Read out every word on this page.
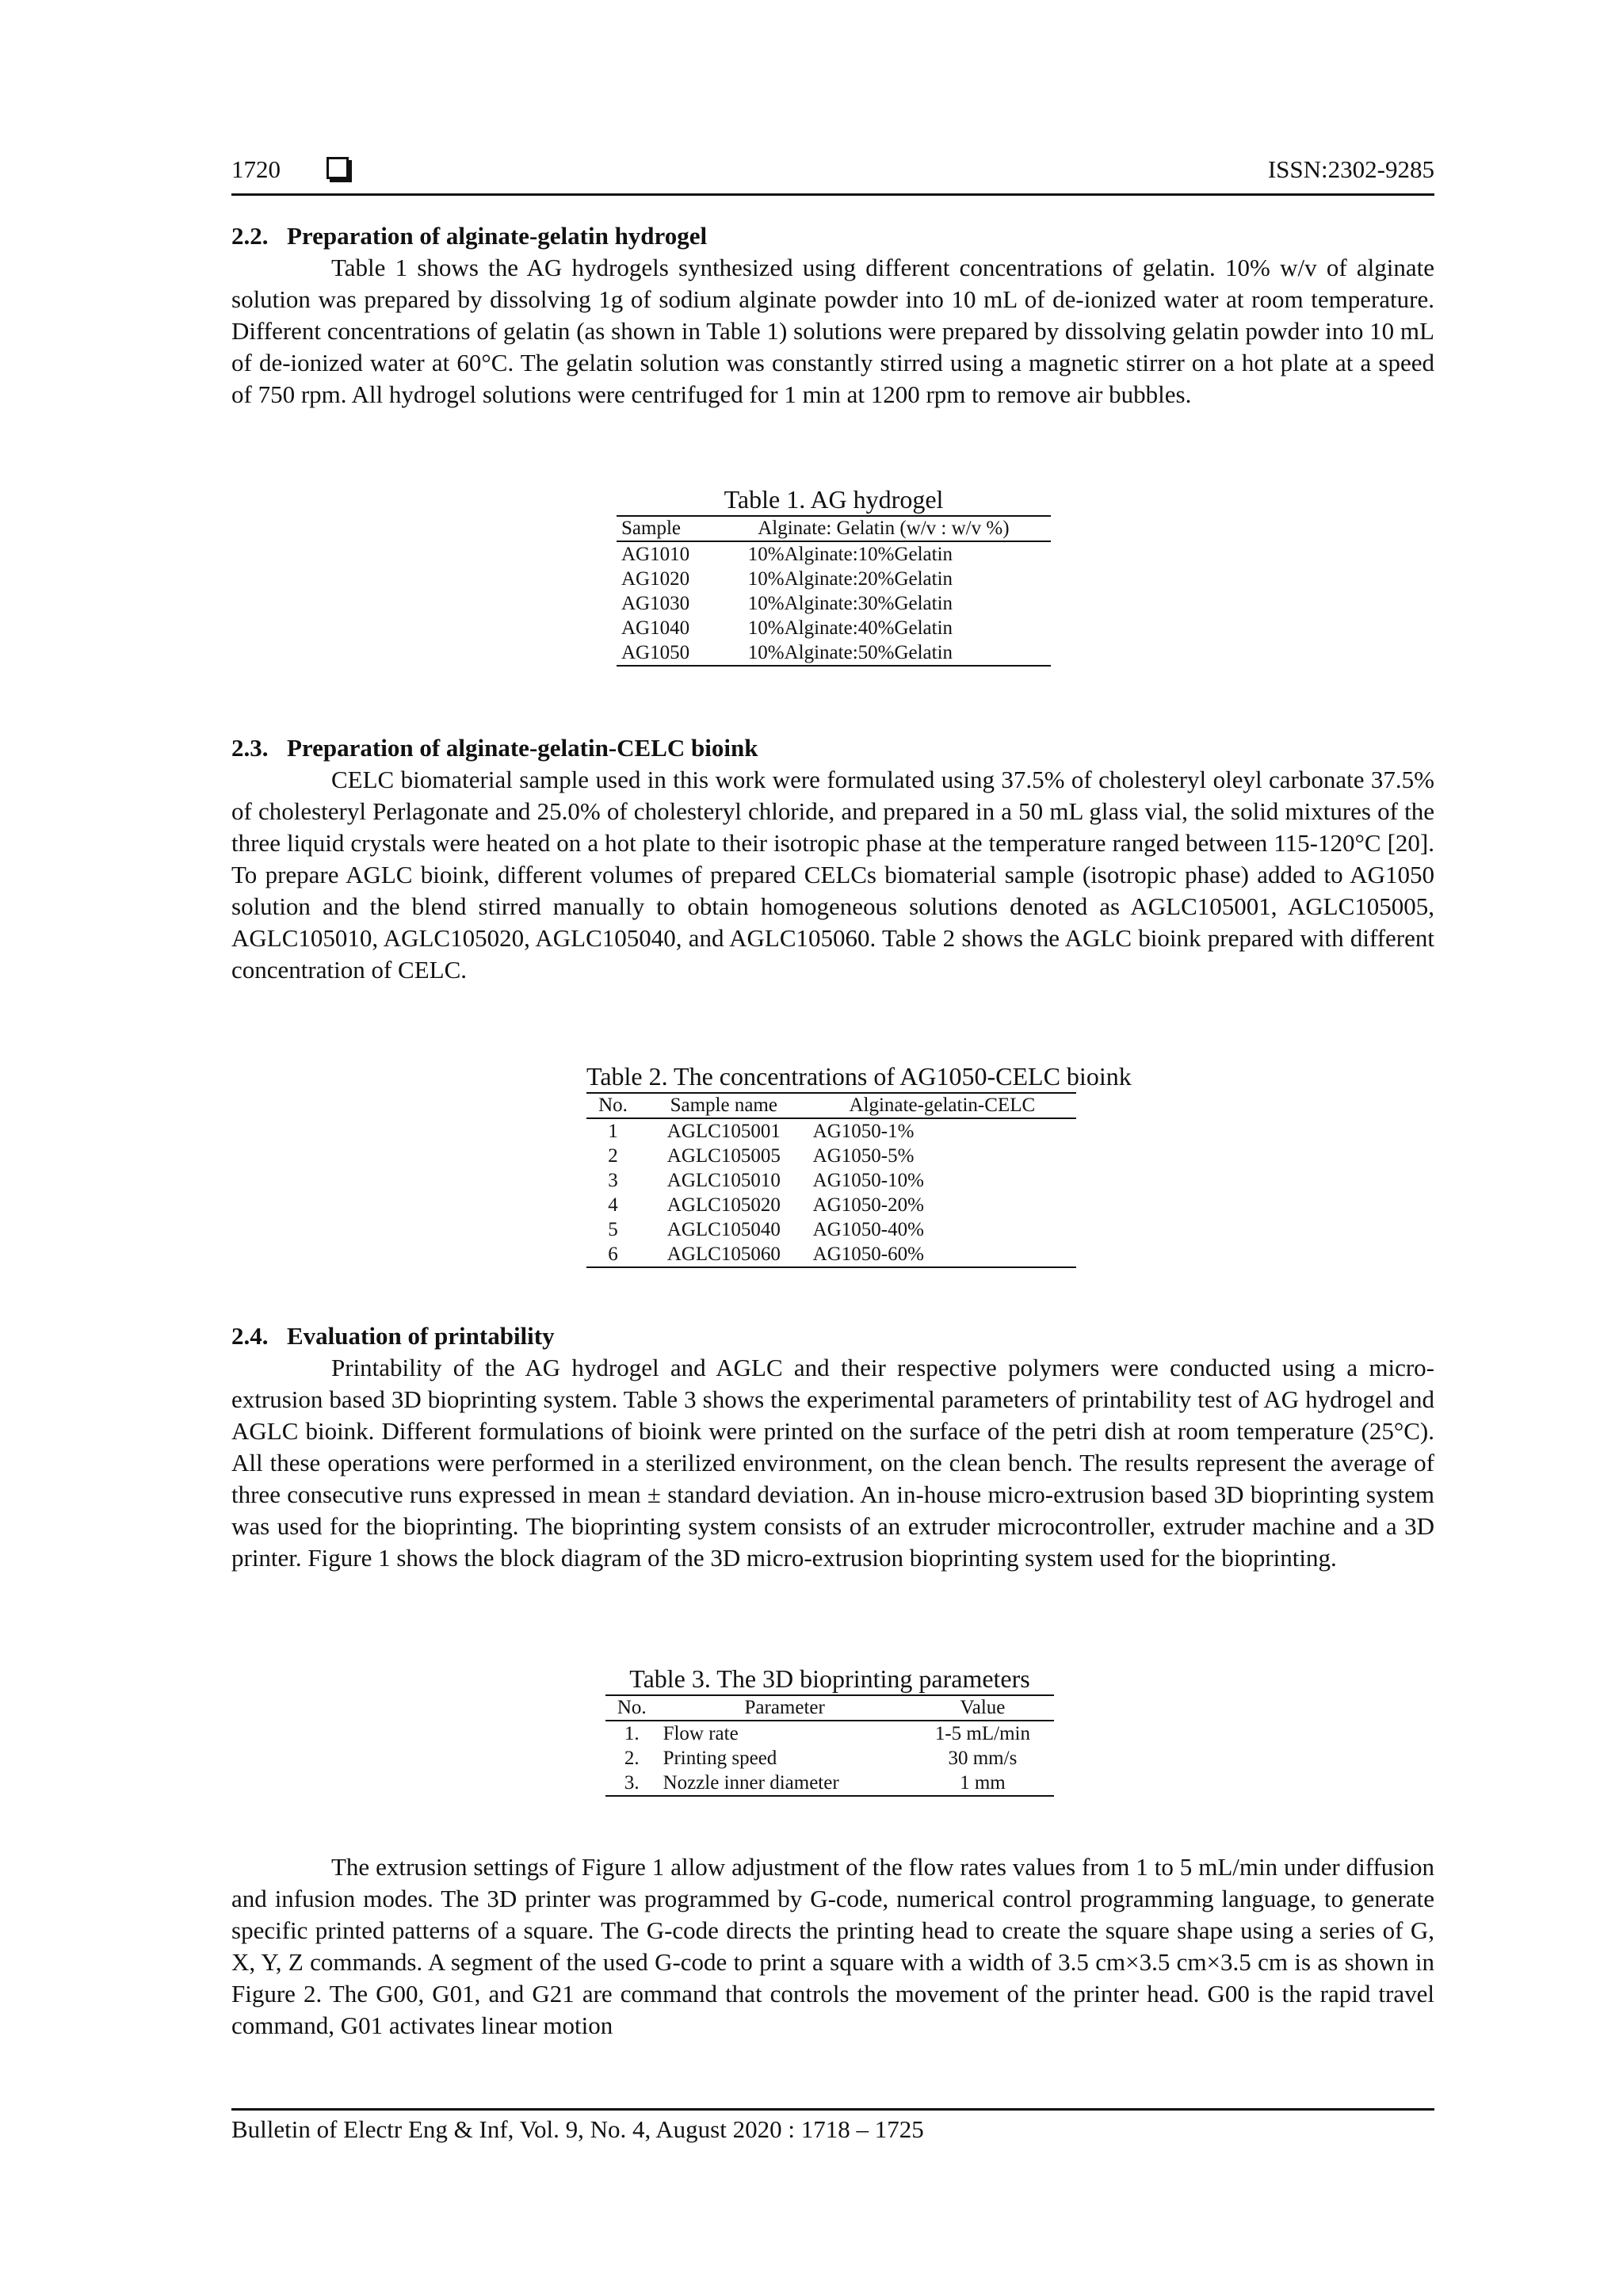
1720	ISSN:2302-9285

2.2. Preparation of alginate-gelatin hydrogel

Table 1 shows the AG hydrogels synthesized using different concentrations of gelatin. 10% w/v of alginate solution was prepared by dissolving 1g of sodium alginate powder into 10 mL of de-ionized water at room temperature. Different concentrations of gelatin (as shown in Table 1) solutions were prepared by dissolving gelatin powder into 10 mL of de-ionized water at 60°C. The gelatin solution was constantly stirred using a magnetic stirrer on a hot plate at a speed of 750 rpm. All hydrogel solutions were centrifuged for 1 min at 1200 rpm to remove air bubbles.

Table 1. AG hydrogel
Sample	Alginate: Gelatin (w/v : w/v %)
AG1010	10%Alginate:10%Gelatin
AG1020	10%Alginate:20%Gelatin
AG1030	10%Alginate:30%Gelatin
AG1040	10%Alginate:40%Gelatin
AG1050	10%Alginate:50%Gelatin

2.3. Preparation of alginate-gelatin-CELC bioink

CELC biomaterial sample used in this work were formulated using 37.5% of cholesteryl oleyl carbonate 37.5% of cholesteryl Perlagonate and 25.0% of cholesteryl chloride, and prepared in a 50 mL glass vial, the solid mixtures of the three liquid crystals were heated on a hot plate to their isotropic phase at the temperature ranged between 115-120°C [20]. To prepare AGLC bioink, different volumes of prepared CELCs biomaterial sample (isotropic phase) added to AG1050 solution and the blend stirred manually to obtain homogeneous solutions denoted as AGLC105001, AGLC105005, AGLC105010, AGLC105020, AGLC105040, and AGLC105060. Table 2 shows the AGLC bioink prepared with different concentration of CELC.

Table 2. The concentrations of AG1050-CELC bioink
No.	Sample name	Alginate-gelatin-CELC
1	AGLC105001	AG1050-1%
2	AGLC105005	AG1050-5%
3	AGLC105010	AG1050-10%
4	AGLC105020	AG1050-20%
5	AGLC105040	AG1050-40%
6	AGLC105060	AG1050-60%

2.4. Evaluation of printability

Printability of the AG hydrogel and AGLC and their respective polymers were conducted using a micro-extrusion based 3D bioprinting system. Table 3 shows the experimental parameters of printability test of AG hydrogel and AGLC bioink. Different formulations of bioink were printed on the surface of the petri dish at room temperature (25°C). All these operations were performed in a sterilized environment, on the clean bench. The results represent the average of three consecutive runs expressed in mean ± standard deviation. An in-house micro-extrusion based 3D bioprinting system was used for the bioprinting. The bioprinting system consists of an extruder microcontroller, extruder machine and a 3D printer. Figure 1 shows the block diagram of the 3D micro-extrusion bioprinting system used for the bioprinting.

Table 3. The 3D bioprinting parameters
No.	Parameter	Value
1.	Flow rate	1-5 mL/min
2.	Printing speed	30 mm/s
3.	Nozzle inner diameter	1 mm

The extrusion settings of Figure 1 allow adjustment of the flow rates values from 1 to 5 mL/min under diffusion and infusion modes. The 3D printer was programmed by G-code, numerical control programming language, to generate specific printed patterns of a square. The G-code directs the printing head to create the square shape using a series of G, X, Y, Z commands. A segment of the used G-code to print a square with a width of 3.5 cm×3.5 cm×3.5 cm is as shown in Figure 2. The G00, G01, and G21 are command that controls the movement of the printer head. G00 is the rapid travel command, G01 activates linear motion

Bulletin of Electr Eng & Inf, Vol. 9, No. 4, August 2020 : 1718 – 1725
